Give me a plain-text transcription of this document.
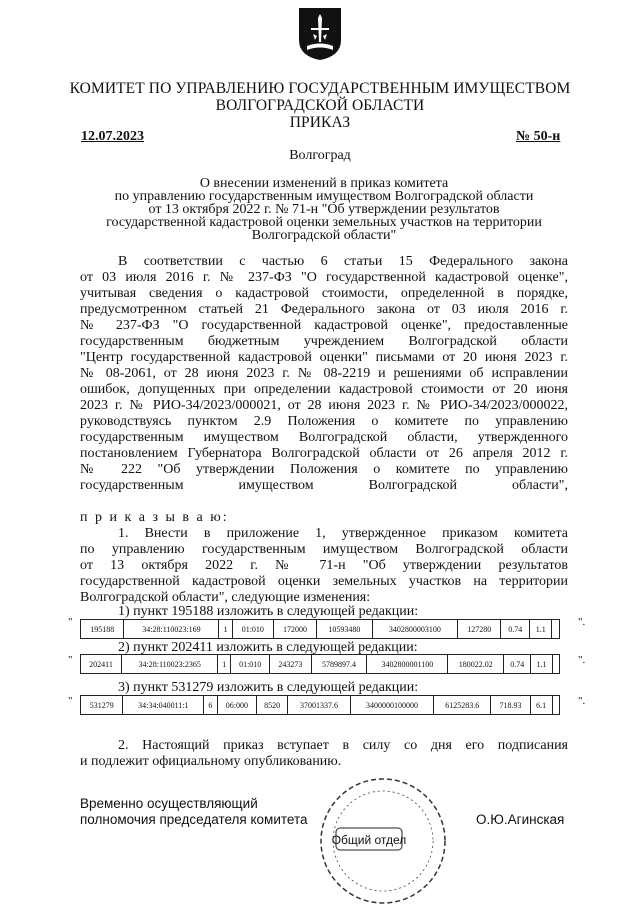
КОМИТЕТ ПО УПРАВЛЕНИЮ ГОСУДАРСТВЕННЫМ ИМУЩЕСТВОМ
ВОЛГОГРАДСКОЙ ОБЛАСТИ
ПРИКАЗ
12.07.2023	№ 50-н
Волгоград
О внесении изменений в приказ комитета
по управлению государственным имуществом Волгоградской области
от 13 октября 2022 г. № 71-н "Об утверждении результатов
государственной кадастровой оценки земельных участков на территории
Волгоградской области"
В соответствии с частью 6 статьи 15 Федерального закона
от 03 июля 2016 г. № 237-ФЗ "О государственной кадастровой оценке",
учитывая сведения о кадастровой стоимости, определенной в порядке,
предусмотренном статьей 21 Федерального закона от 03 июля 2016 г.
№ 237-ФЗ "О государственной кадастровой оценке", предоставленные
государственным бюджетным учреждением Волгоградской области
"Центр государственной кадастровой оценки" письмами от 20 июня 2023 г.
№ 08-2061, от 28 июня 2023 г. № 08-2219 и решениями об исправлении
ошибок, допущенных при определении кадастровой стоимости от 20 июня
2023 г. № РИО-34/2023/000021, от 28 июня 2023 г. № РИО-34/2023/000022,
руководствуясь пунктом 2.9 Положения о комитете по управлению
государственным имуществом Волгоградской области, утвержденного
постановлением Губернатора Волгоградской области от 26 апреля 2012 г.
№ 222 "Об утверждении Положения о комитете по управлению
государственным имуществом Волгоградской области",
п р и к а з ы в а ю:
1. Внести в приложение 1, утвержденное приказом комитета
по управлению государственным имуществом Волгоградской области
от 13 октября 2022 г. № 71-н "Об утверждении результатов
государственной кадастровой оценки земельных участков на территории
Волгоградской области", следующие изменения:
1) пункт 195188 изложить в следующей редакции:
"
195188	34:28:110023:169	1	01:010	172000	10593480	3402800003100	127280	0.74	1.1	
".
2) пункт 202411 изложить в следующей редакции:
" 202411	34:28:110023:2365	1	01:010	243273	5789897.4	3402800001100	180022.02	0.74	1.1		".
3) пункт 531279 изложить в следующей редакции:
" 531279	34:34:040011:1	6	06:000	8520	37001337.6	3400000100000	6125283.6	718.93	6.1		".
2. Настоящий приказ вступает в силу со дня его подписания
и подлежит официальному опубликованию.
Временно осуществляющий
полномочия председателя комитета
Общий отдел
О.Ю.Агинская
